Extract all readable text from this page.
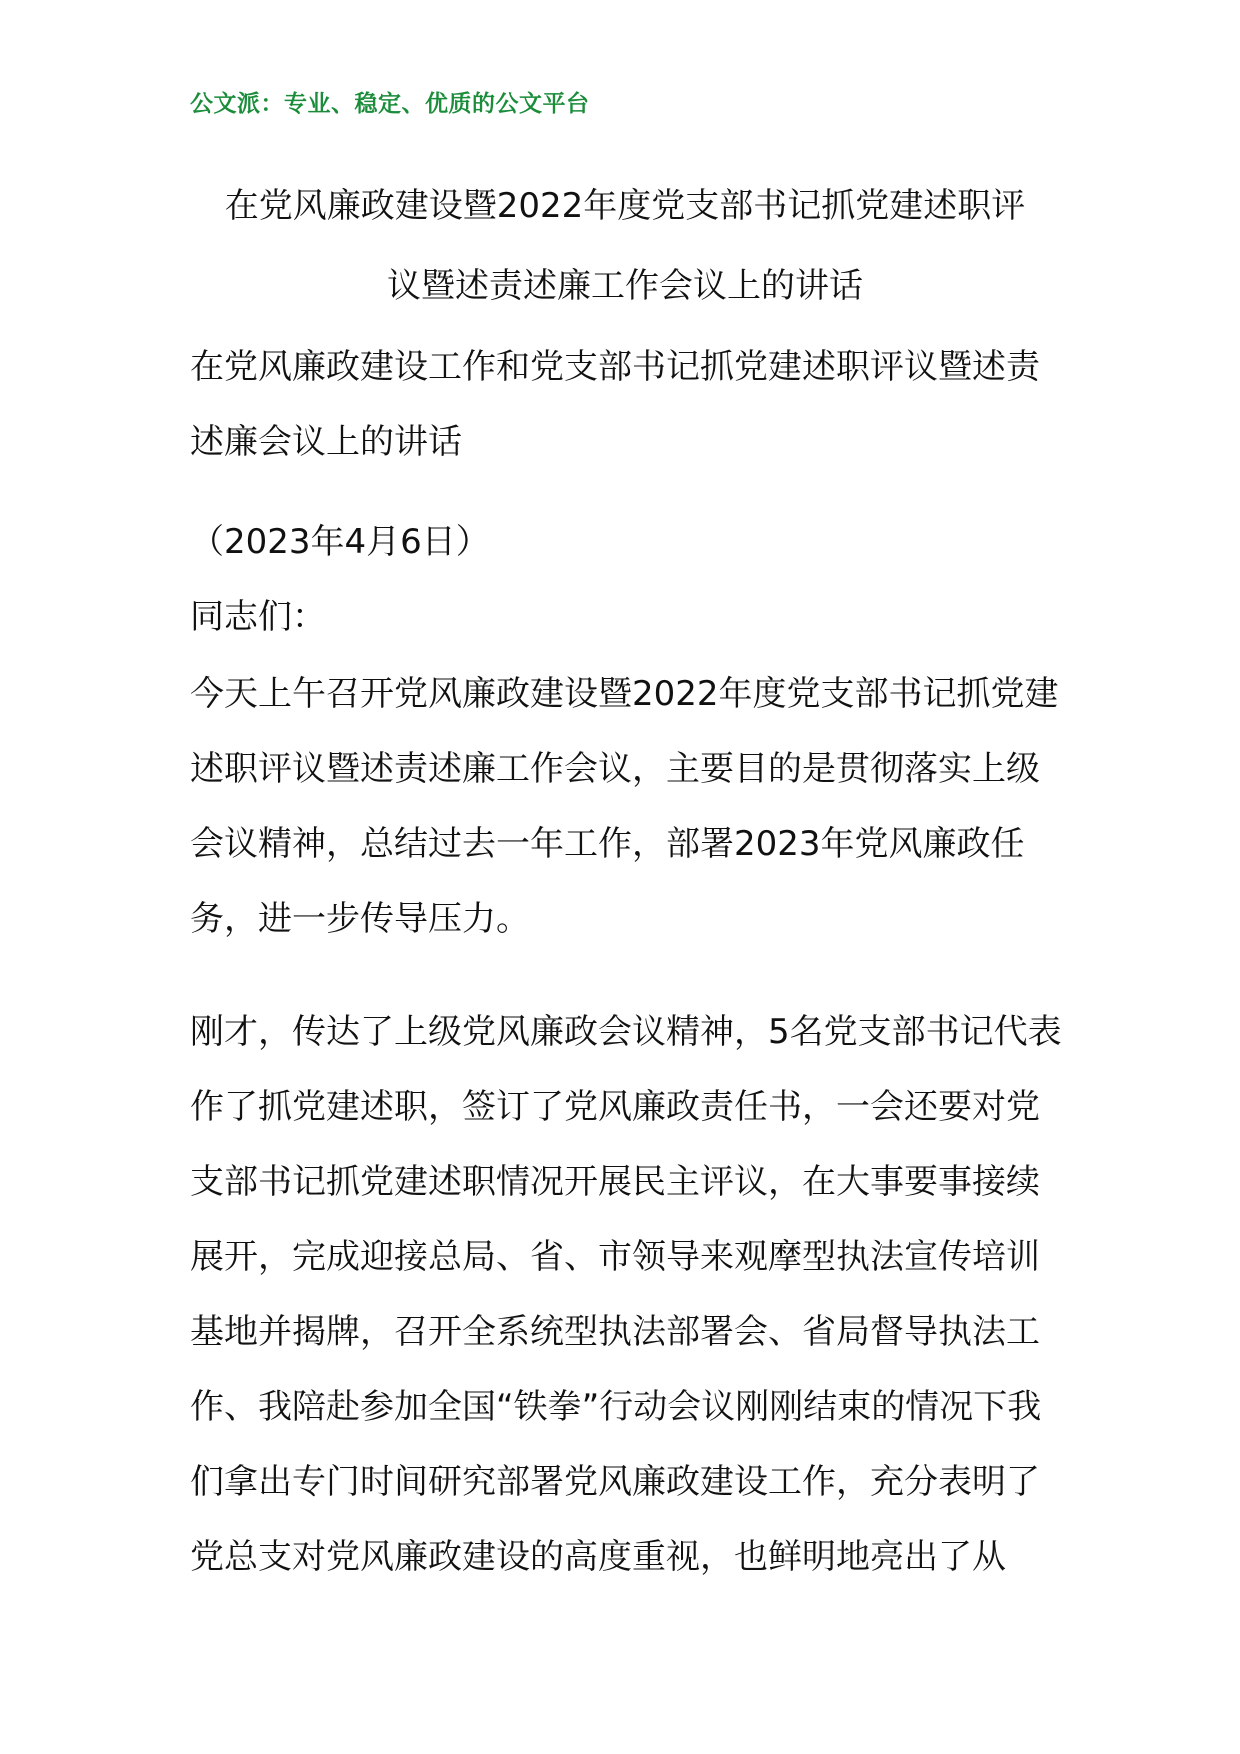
公文派：专业、稳定、优质的公文平台
在党风廉政建设暨2022年度党支部书记抓党建述职评
议暨述责述廉工作会议上的讲话

在党风廉政建设工作和党支部书记抓党建述职评议暨述责述廉会议上的讲话

（2023年4月6日）

同志们：

今天上午召开党风廉政建设暨2022年度党支部书记抓党建述职评议暨述责述廉工作会议，主要目的是贯彻落实上级会议精神，总结过去一年工作，部署2023年党风廉政任务，进一步传导压力。

刚才，传达了上级党风廉政会议精神，5名党支部书记代表作了抓党建述职，签订了党风廉政责任书，一会还要对党支部书记抓党建述职情况开展民主评议，在大事要事接续展开，完成迎接总局、省、市领导来观摩型执法宣传培训基地并揭牌，召开全系统型执法部署会、省局督导执法工作、我陪赴参加全国“铁拳”行动会议刚刚结束的情况下我们拿出专门时间研究部署党风廉政建设工作，充分表明了党总支对党风廉政建设的高度重视，也鲜明地亮出了从
